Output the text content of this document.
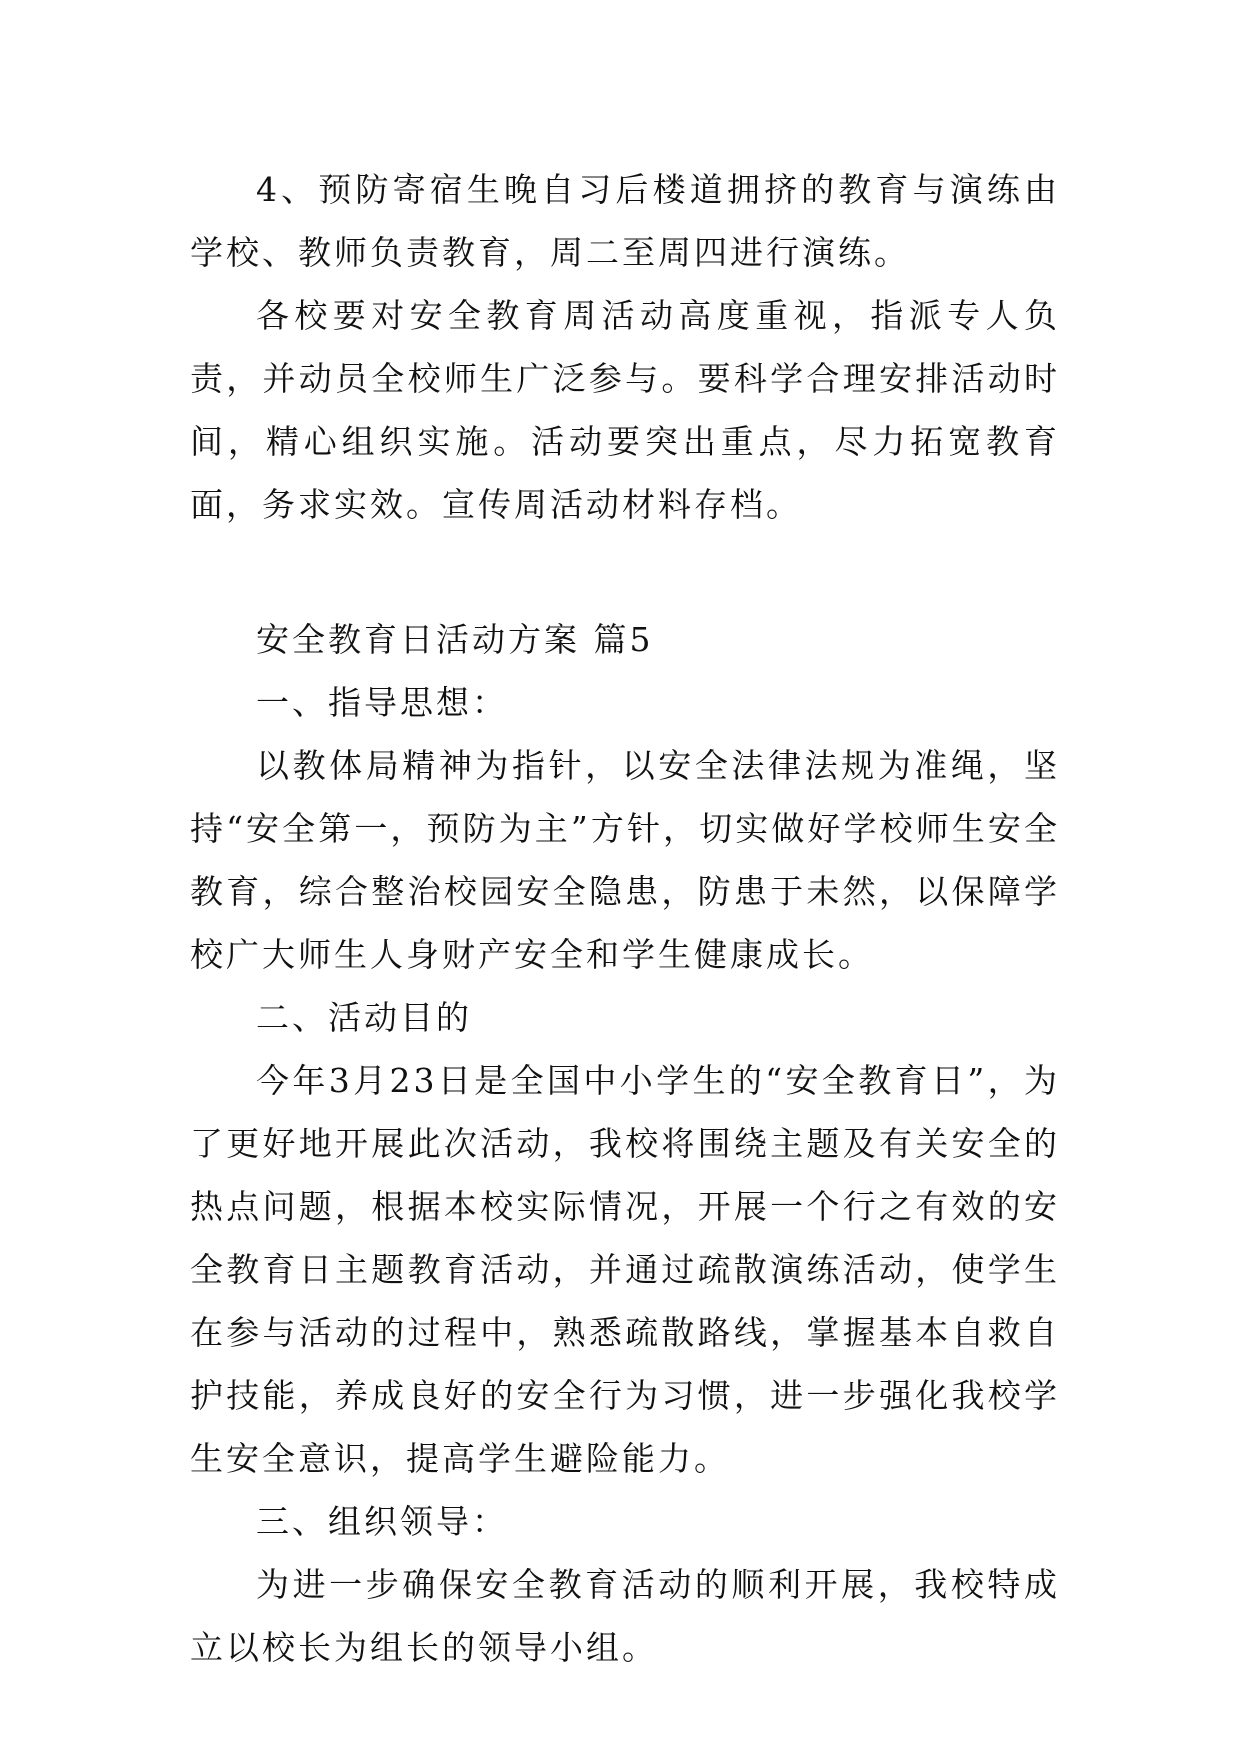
4、预防寄宿生晚自习后楼道拥挤的教育与演练由学校、教师负责教育，周二至周四进行演练。

各校要对安全教育周活动高度重视，指派专人负责，并动员全校师生广泛参与。要科学合理安排活动时间，精心组织实施。活动要突出重点，尽力拓宽教育面，务求实效。宣传周活动材料存档。

安全教育日活动方案 篇5

一、指导思想：

以教体局精神为指针，以安全法律法规为准绳，坚持“安全第一，预防为主”方针，切实做好学校师生安全教育，综合整治校园安全隐患，防患于未然，以保障学校广大师生人身财产安全和学生健康成长。

二、活动目的

今年3月23日是全国中小学生的“安全教育日”，为了更好地开展此次活动，我校将围绕主题及有关安全的热点问题，根据本校实际情况，开展一个行之有效的安全教育日主题教育活动，并通过疏散演练活动，使学生在参与活动的过程中，熟悉疏散路线，掌握基本自救自护技能，养成良好的安全行为习惯，进一步强化我校学生安全意识，提高学生避险能力。

三、组织领导：

为进一步确保安全教育活动的顺利开展，我校特成立以校长为组长的领导小组。
